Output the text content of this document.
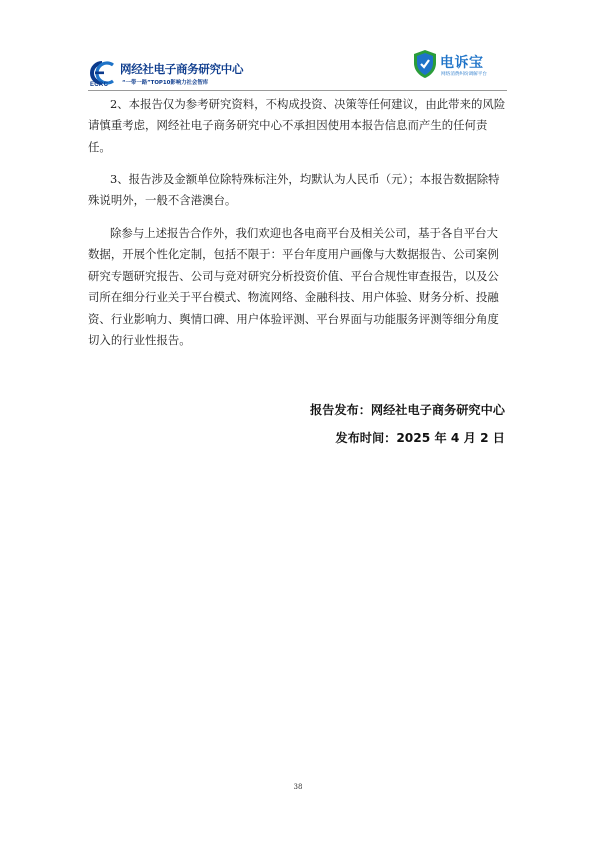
ECRC
网经社电子商务研究中心
“一带一路”TOP10影响力社会智库
电诉宝
网络消费纠纷调解平台

2、本报告仅为参考研究资料，不构成投资、决策等任何建议，由此带来的风险请慎重考虑，网经社电子商务研究中心不承担因使用本报告信息而产生的任何责任。

3、报告涉及金额单位除特殊标注外，均默认为人民币（元）；本报告数据除特殊说明外，一般不含港澳台。

除参与上述报告合作外，我们欢迎也各电商平台及相关公司，基于各自平台大数据，开展个性化定制，包括不限于：平台年度用户画像与大数据报告、公司案例研究专题研究报告、公司与竞对研究分析投资价值、平台合规性审查报告，以及公司所在细分行业关于平台模式、物流网络、金融科技、用户体验、财务分析、投融资、行业影响力、舆情口碑、用户体验评测、平台界面与功能服务评测等细分角度切入的行业性报告。

报告发布：网经社电子商务研究中心
发布时间：2025 年 4 月 2 日
38
